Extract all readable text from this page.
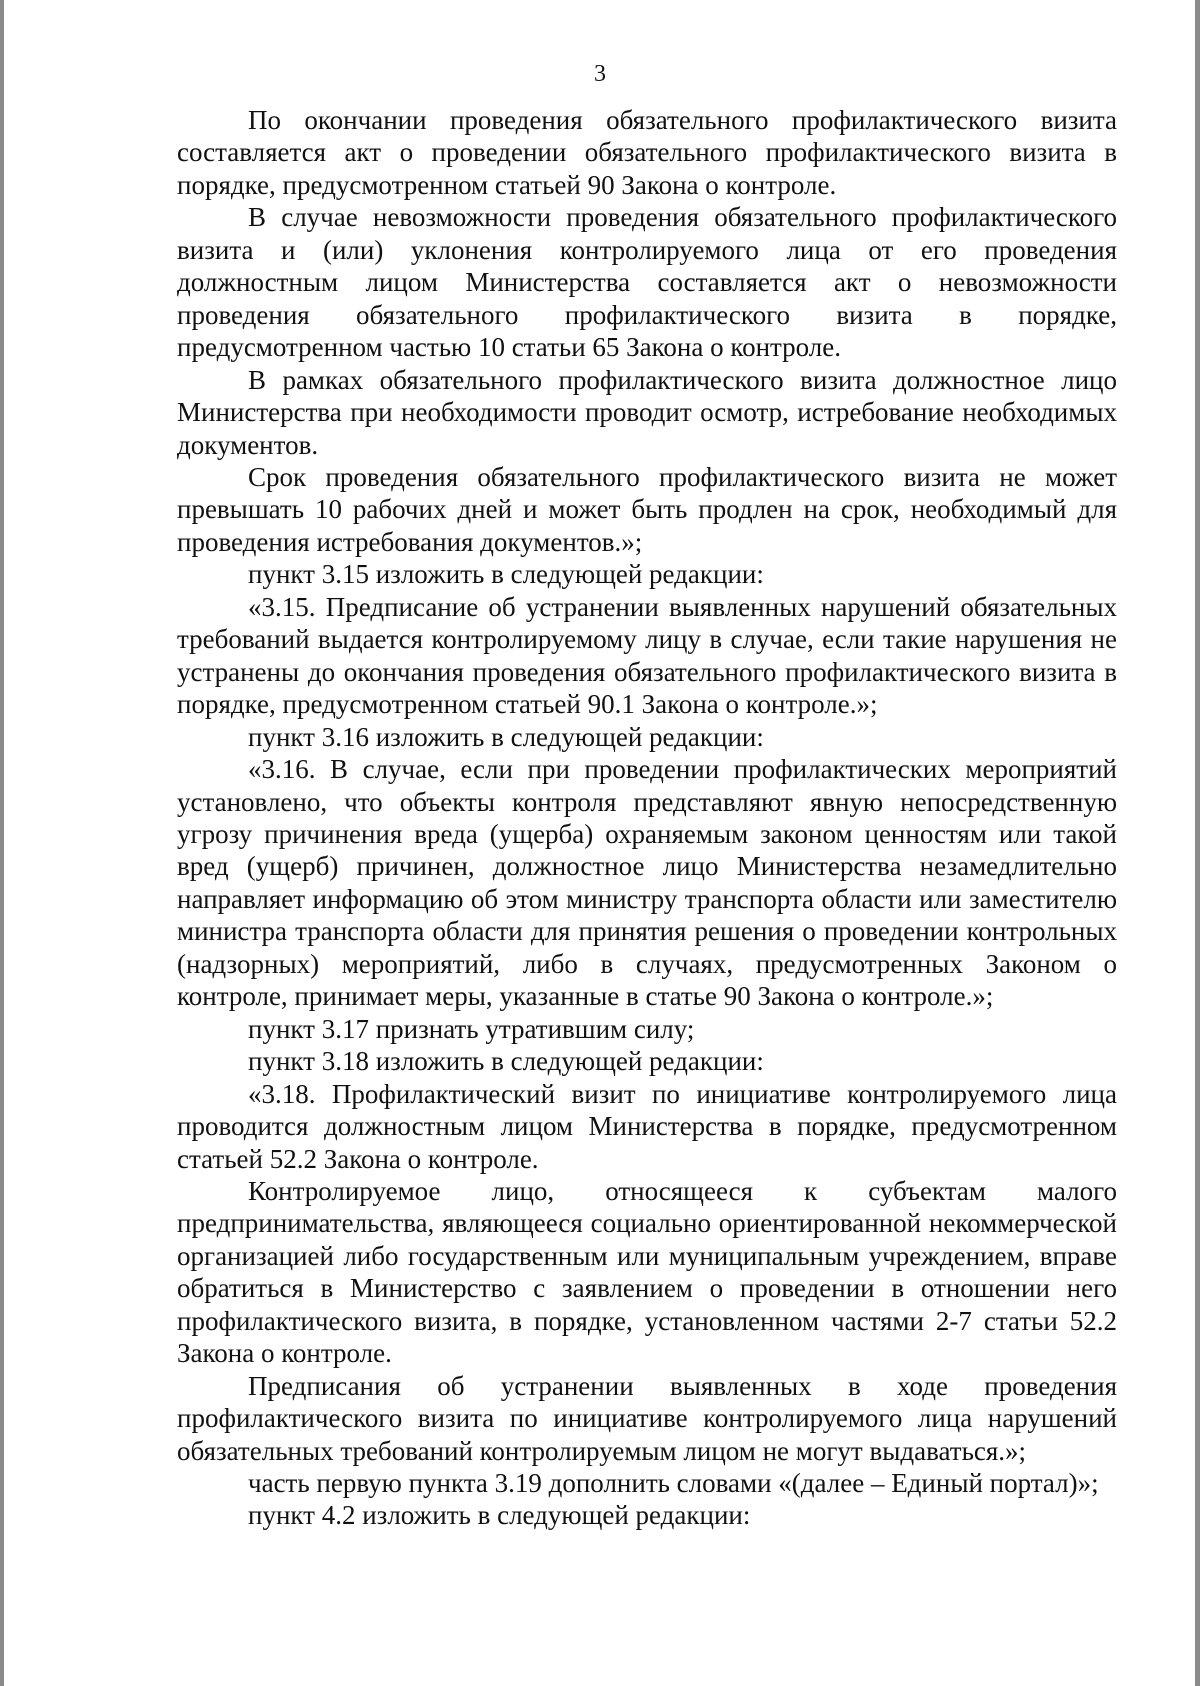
3

По окончании проведения обязательного профилактического визита составляется акт о проведении обязательного профилактического визита в порядке, предусмотренном статьей 90 Закона о контроле.

В случае невозможности проведения обязательного профилактического визита и (или) уклонения контролируемого лица от его проведения должностным лицом Министерства составляется акт о невозможности проведения обязательного профилактического визита в порядке, предусмотренном частью 10 статьи 65 Закона о контроле.

В рамках обязательного профилактического визита должностное лицо Министерства при необходимости проводит осмотр, истребование необходимых документов.

Срок проведения обязательного профилактического визита не может превышать 10 рабочих дней и может быть продлен на срок, необходимый для проведения истребования документов.»;

пункт 3.15 изложить в следующей редакции:

«3.15. Предписание об устранении выявленных нарушений обязательных требований выдается контролируемому лицу в случае, если такие нарушения не устранены до окончания проведения обязательного профилактического визита в порядке, предусмотренном статьей 90.1 Закона о контроле.»;

пункт 3.16 изложить в следующей редакции:

«3.16. В случае, если при проведении профилактических мероприятий установлено, что объекты контроля представляют явную непосредственную угрозу причинения вреда (ущерба) охраняемым законом ценностям или такой вред (ущерб) причинен, должностное лицо Министерства незамедлительно направляет информацию об этом министру транспорта области или заместителю министра транспорта области для принятия решения о проведении контрольных (надзорных) мероприятий, либо в случаях, предусмотренных Законом о контроле, принимает меры, указанные в статье 90 Закона о контроле.»;

пункт 3.17 признать утратившим силу;

пункт 3.18 изложить в следующей редакции:

«3.18. Профилактический визит по инициативе контролируемого лица проводится должностным лицом Министерства в порядке, предусмотренном статьей 52.2 Закона о контроле.

Контролируемое лицо, относящееся к субъектам малого предпринимательства, являющееся социально ориентированной некоммерческой организацией либо государственным или муниципальным учреждением, вправе обратиться в Министерство с заявлением о проведении в отношении него профилактического визита, в порядке, установленном частями 2-7 статьи 52.2 Закона о контроле.

Предписания об устранении выявленных в ходе проведения профилактического визита по инициативе контролируемого лица нарушений обязательных требований контролируемым лицом не могут выдаваться.»;

часть первую пункта 3.19 дополнить словами «(далее – Единый портал)»;

пункт 4.2 изложить в следующей редакции:
